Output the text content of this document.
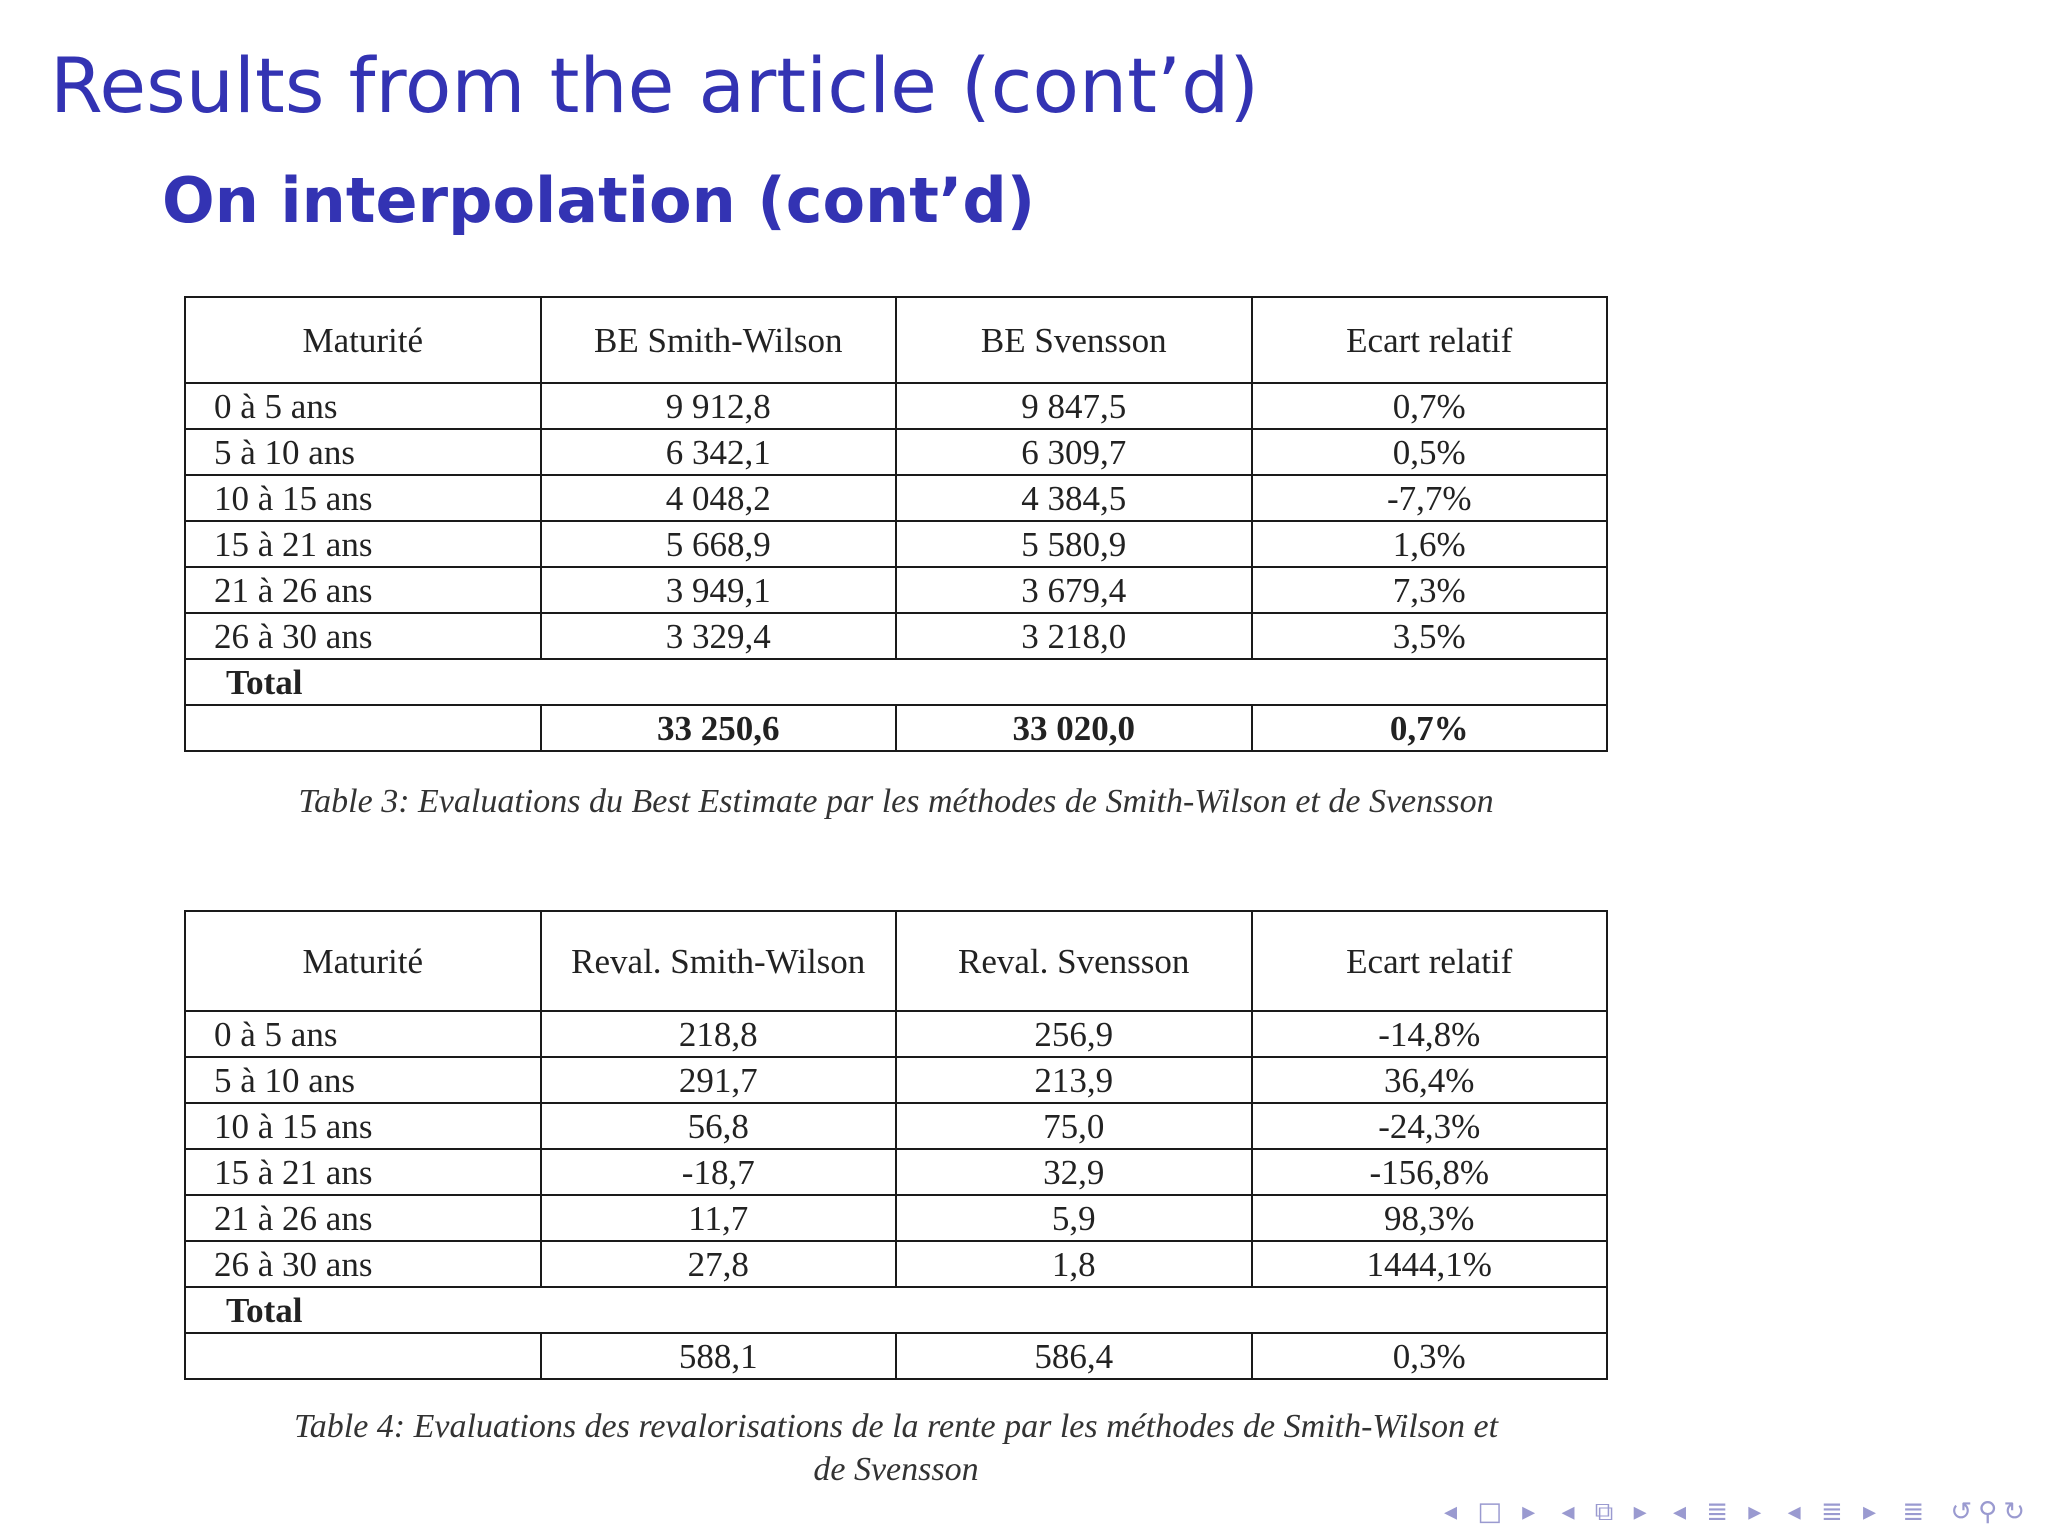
Results from the article (cont’d)
On interpolation (cont’d)
Maturité	BE Smith-Wilson	BE Svensson	Ecart relatif
0 à 5 ans	9 912,8	9 847,5	0,7%
5 à 10 ans	6 342,1	6 309,7	0,5%
10 à 15 ans	4 048,2	4 384,5	-7,7%
15 à 21 ans	5 668,9	5 580,9	1,6%
21 à 26 ans	3 949,1	3 679,4	7,3%
26 à 30 ans	3 329,4	3 218,0	3,5%
Total			
	33 250,6	33 020,0	0,7%
Table 3: Evaluations du Best Estimate par les méthodes de Smith-Wilson et de Svensson
Maturité	Reval. Smith-Wilson	Reval. Svensson	Ecart relatif
0 à 5 ans	218,8	256,9	-14,8%
5 à 10 ans	291,7	213,9	36,4%
10 à 15 ans	56,8	75,0	-24,3%
15 à 21 ans	-18,7	32,9	-156,8%
21 à 26 ans	11,7	5,9	98,3%
26 à 30 ans	27,8	1,8	1444,1%
Total			
	588,1	586,4	0,3%
Table 4: Evaluations des revalorisations de la rente par les méthodes de Smith-Wilson et
de Svensson
◂ □ ▸ ◂ ⧉ ▸ ◂ ≣ ▸ ◂ ≣ ▸ ≣ ↺⚲↻
